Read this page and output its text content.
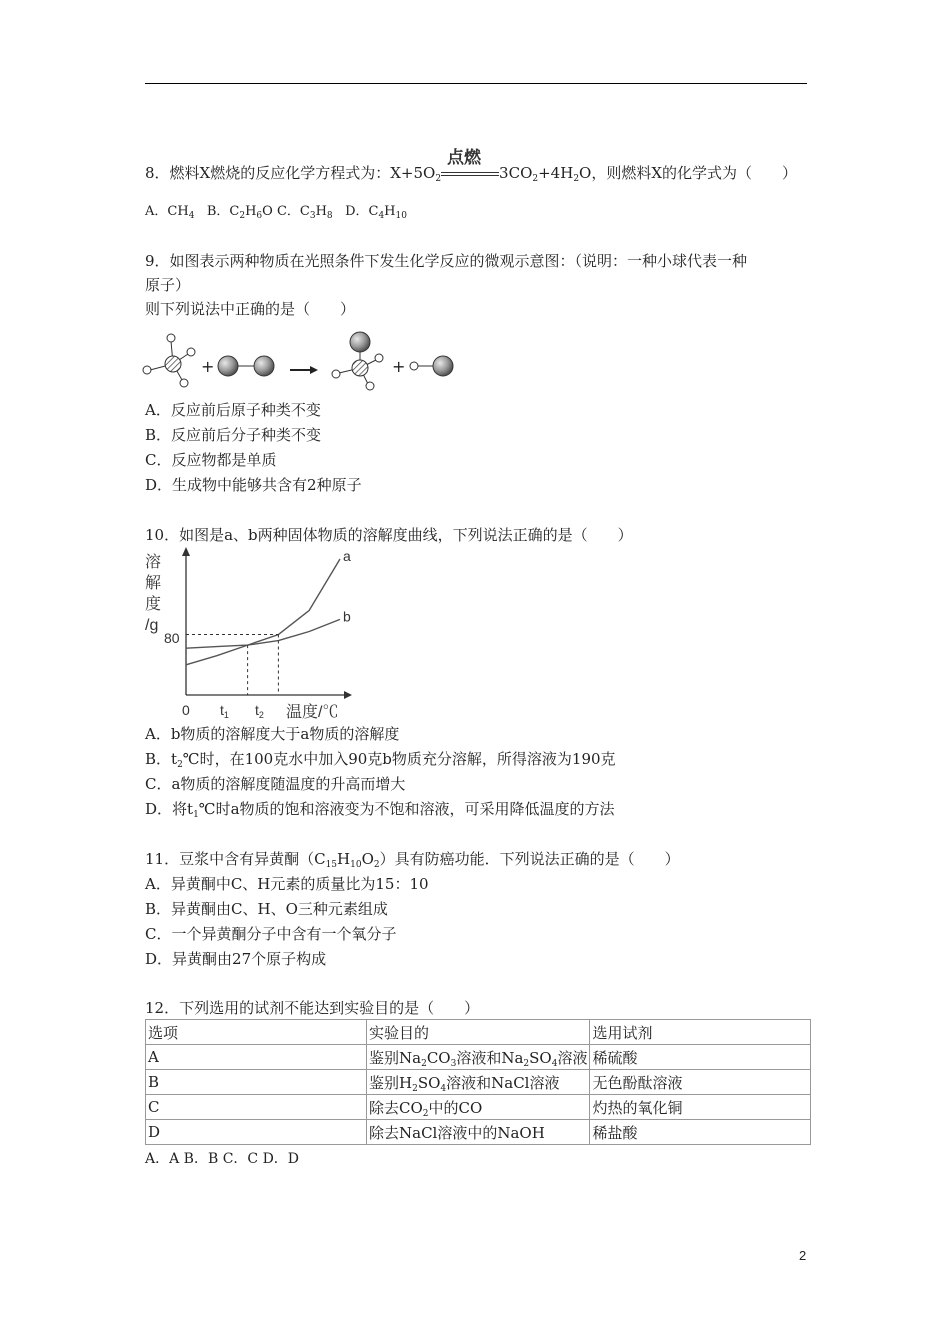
8．燃料X燃烧的反应化学方程式为：$X+5O_2$
点燃
$3CO_2+4H_2O$，则燃料X的化学式为（　　）
A．$CH_4$ B．$C_2H_6O$ C．$C_3H_8$ D．$C_4H_{10}$
9．如图表示两种物质在光照条件下发生化学反应的微观示意图：（说明：一种小球代表一种
原子）
则下列说法中正确的是（　　）
+	+
A．反应前后原子种类不变
B．反应前后分子种类不变
C．反应物都是单质
D．生成物中能够共含有2种原子
10．如图是a、b两种固体物质的溶解度曲线，下列说法正确的是（　　）
溶
解
度
/g
80
0 $t_1$ $t_2$ 温度/℃
a
b
A．b物质的溶解度大于a物质的溶解度
B．$t_2℃$时，在100克水中加入90克b物质充分溶解，所得溶液为190克
C．a物质的溶解度随温度的升高而增大
D．将$t_1℃$时a物质的饱和溶液变为不饱和溶液，可采用降低温度的方法
11．豆浆中含有异黄酮$(C_{15}H_{10}O_2)$具有防癌功能．下列说法正确的是（　　）
A．异黄酮中C、H元素的质量比为15：10
B．异黄酮由C、H、O三种元素组成
C．一个异黄酮分子中含有一个氧分子
D．异黄酮由27个原子构成
12．下列选用的试剂不能达到实验目的是（　　）
选项	实验目的	选用试剂
A	鉴别$Na_2CO_3$溶液和$Na_2SO_4$溶液	稀硫酸
B	鉴别$H_2SO_4$溶液和NaCl溶液	无色酚酞溶液
C	除去$CO_2$中的CO	灼热的氧化铜
D	除去NaCl溶液中的NaOH	稀盐酸
A．A B．B C．C D．D
2
